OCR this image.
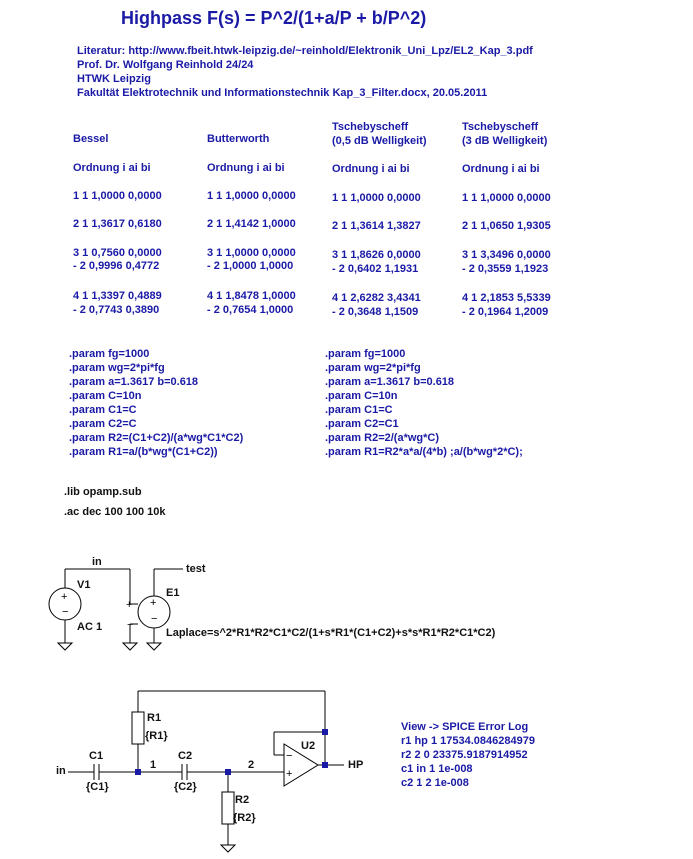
Highpass F(s) = P^2/(1+a/P + b/P^2)
Literatur: http://www.fbeit.htwk-leipzig.de/~reinhold/Elektronik_Uni_Lpz/EL2_Kap_3.pdf
Prof. Dr. Wolfgang Reinhold 24/24
HTWK Leipzig
Fakultät Elektrotechnik und Informationstechnik Kap_3_Filter.docx, 20.05.2011
Bessel
Ordnung i ai bi
1 1 1,0000 0,0000
2 1 1,3617 0,6180
3 1 0,7560 0,0000
- 2 0,9996 0,4772
4 1 1,3397 0,4889
- 2 0,7743 0,3890
Butterworth
Ordnung i ai bi
1 1 1,0000 0,0000
2 1 1,4142 1,0000
3 1 1,0000 0,0000
- 2 1,0000 1,0000
4 1 1,8478 1,0000
- 2 0,7654 1,0000
Tschebyscheff
(0,5 dB Welligkeit)
Ordnung i ai bi
1 1 1,0000 0,0000
2 1 1,3614 1,3827
3 1 1,8626 0,0000
- 2 0,6402 1,1931
4 1 2,6282 3,4341
- 2 0,3648 1,1509
Tschebyscheff
(3 dB Welligkeit)
Ordnung i ai bi
1 1 1,0000 0,0000
2 1 1,0650 1,9305
3 1 3,3496 0,0000
- 2 0,3559 1,1923
4 1 2,1853 5,5339
- 2 0,1964 1,2009
.param fg=1000
.param wg=2*pi*fg
.param a=1.3617 b=0.618
.param C=10n
.param C1=C
.param C2=C
.param R2=(C1+C2)/(a*wg*C1*C2)
.param R1=a/(b*wg*(C1+C2))
.param fg=1000
.param wg=2*pi*fg
.param a=1.3617 b=0.618
.param C=10n
.param C1=C
.param C2=C1
.param R2=2/(a*wg*C)
.param R1=R2*a*a/(4*b) ;a/(b*wg*2*C);
.lib opamp.sub
.ac dec 100 100 10k
+
−
+
−
+
−
−
+
in
test
V1
AC 1
E1
Laplace=s^2*R1*R2*C1*C2/(1+s*R1*(C1+C2)+s*s*R1*R2*C1*C2)
in
C1
{C1}
C2
{C2}
R1
{R1}
R2
{R2}
1	2
U2
HP
View -> SPICE Error Log
r1 hp 1 17534.0846284979
r2 2 0 23375.9187914952
c1 in 1 1e-008
c2 1 2 1e-008
